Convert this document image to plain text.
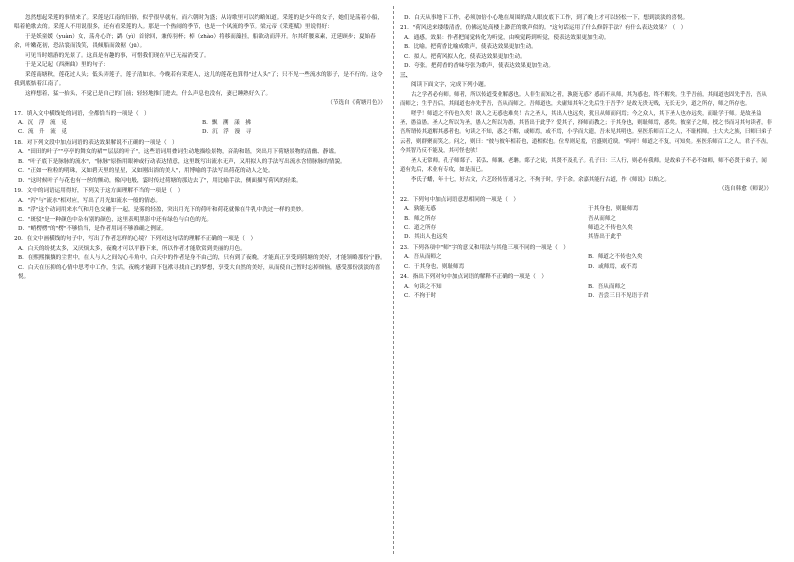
忽然想起采莲的事情来了。采莲是江南的旧俗，似乎很早就有，而六朝时为盛；从诗歌里可以约略知道。采莲的是少年的女子，她们是荡着小船，唱着艳歌去的。采莲人不用说很多，还有看采莲的人。那是一个热闹的季节，也是一个风流的季节。梁元帝《采莲赋》里说得好：
于是妖童媛（yuàn）女，荡舟心许；鹢（yì）首徐回，兼传羽杯；棹（zhào）将移而藻挂，船欲动而萍开。尔其纤腰束素，迁延顾步；夏始春余，叶嫩花初，恐沾裳而浅笑，畏倾船而敛裾（jū）。
可见当时嬉游的光景了。这真是有趣的事，可惜我们现在早已无福消受了。
于是又记起《西洲曲》里的句子：
采莲南塘秋，莲花过人头；低头弄莲子，莲子清如水。今晚若有采莲人，这儿的莲花也算得"过人头"了；只不见一些流水的影子，是不行的。这令我到底惦着江南了。
这样想着，猛一抬头，不觉已是自己的门前；轻轻地推门进去，什么声息也没有，妻已睡熟好久了。
（节选自《荷塘月色》）
17．填入文中横线处的词语，全都恰当的一项是（　）
A．沉　浮　流　觅	B．飘　溯　漾　拂
C．流　升　流　觅	D．沉　浮　漫　寻
18．对下列文段中加点词语的表达效果解说不正确的一项是（　）
A．"田田的叶子""亭亭的舞女的裙""层层的叶子"，这些语词用叠词生动地描绘景物，音韵和谐，突出月下荷塘景物的清幽、静谧。
B．"叶子底下是脉脉的流水"，"脉脉"原指用眼神或行动表达情意，这里既写出流水无声，又用拟人的手法写出流水含情脉脉的情貌。
C．"正如一粒粒的明珠，又如碧天里的星星，又如刚出浴的美人"，用博喻的手法写出荷花的动人之处。
D．"这时候叶子与花也有一丝的颤动，像闪电般，霎时传过荷塘的那边去了"，用比喻手法，侧面描写荷风的轻柔。
19．文中的词语运用得好，下列关于这方面理解不当的一项是（　）
A．"泻"与"流水"相对应，写出了月光如流水一般的情态。
B．"浮"这个动词用来水气和月色交融于一起，是雾的轻盈，突出月光下的荷叶和荷花就像在牛乳中洗过一样的美妙。
C．"斑驳"是一种颜色中杂有别的颜色，这里表明黑影中还有绿色与白色的光。
D．"峭楞楞"的"楞"不够恰当，是作者用词不够准确之例证。
20．在文中画横线的句子中，写出了作者怎样的心境？下列对这句话的理解不正确的一项是（　）
A．白天的纷扰太多，又厌烦太多，夜晚才可以平静下来，所以作者才能欣赏到美丽的月色。
B．在熙熙攘攘的尘世中，在人与人之间勾心斗角中，白天中的作者是身不由己的，只有到了夜晚，才能真正享受到荷塘的美好，才能领略那份宁静。
C．白天在压抑的心情中思考中工作，生活，夜晚才能卸下包袱寻找自己的梦想，享受大自然的美好，从而使自己暂时忘掉烦恼，感受那份淡淡的喜悦。
D．白天从事地下工作，必须加倍小心地在周围的敌人眼皮底下工作，到了晚上才可以轻松一下，想到淡淡的喜悦。
21．"荷风送来缕缕清香，仿佛远处高楼上渺茫的歌声似的。"这句话运用了什么修辞手法？有什么表达效果？（　）
A．通感。效果：作者把闻觉转化为听觉，由嗅觉跨到听觉，使表达效果更加生动。
B．比喻。把荷香比喻成歌声，使表达效果更加生动。
C．拟人。把荷风拟人化，使表达效果更加生动。
D．夸张。把荷香的香味夸张为歌声，使表达效果更加生动。
三、
阅读下面文字，完成下列小题。
古之学者必有师。师者，所以传道受业解惑也。人非生而知之者，孰能无惑？惑而不从师，其为惑也，终不解矣。生乎吾前，其闻道也固先乎吾，吾从而师之；生乎吾后，其闻道也亦先乎吾，吾从而师之。吾师道也，夫庸知其年之先后生于吾乎？是故无贵无贱，无长无少，道之所存，师之所存也。
嗟乎！师道之不传也久矣！欲人之无惑也难矣！古之圣人，其出人也远矣，犹且从师而问焉；今之众人，其下圣人也亦远矣，而耻学于师。是故圣益圣，愚益愚。圣人之所以为圣，愚人之所以为愚，其皆出于此乎？爱其子，择师而教之；于其身也，则耻师焉，惑矣。彼童子之师，授之书而习其句读者，非吾所谓传其道解其惑者也。句读之不知，惑之不解，或师焉，或不焉，小学而大遗，吾未见其明也。巫医乐师百工之人，不耻相师。士大夫之族，曰师曰弟子云者，则群聚而笑之。问之，则曰："彼与彼年相若也，道相似也。位卑则足羞，官盛则近谀。"呜呼！师道之不复，可知矣。巫医乐师百工之人，君子不齿，今其智乃反不能及，其可怪也欤！
圣人无常师。孔子师郯子、苌弘、师襄、老聃。郯子之徒，其贤不及孔子。孔子曰：三人行，则必有我师。是故弟子不必不如师，师不必贤于弟子，闻道有先后，术业有专攻，如是而已。
李氏子蟠，年十七，好古文，六艺经传皆通习之，不拘于时，学于余。余嘉其能行古道，作《师说》以贻之。
（选自韩愈《师说》）
22．下列句中加点词语意思相同的一项是（　）
A．孰能无惑	于其身也，则耻师焉
B．师之所存	吾从而师之
C．道之所存	师道之不传也久矣
D．其出人也远矣	其皆出于此乎
23．下列各项中"师"字的意义和用法与其他三项不同的一项是（　）
A．吾从而师之	B．师道之不传也久矣
C．于其身也，则耻师焉	D．或师焉，或不焉
24．指出下列对句中加点词语的解释不正确的一项是（　）
A．句读之不知	B．吾从而师之
C．不拘于时	D．吾尝三日不见语于君
